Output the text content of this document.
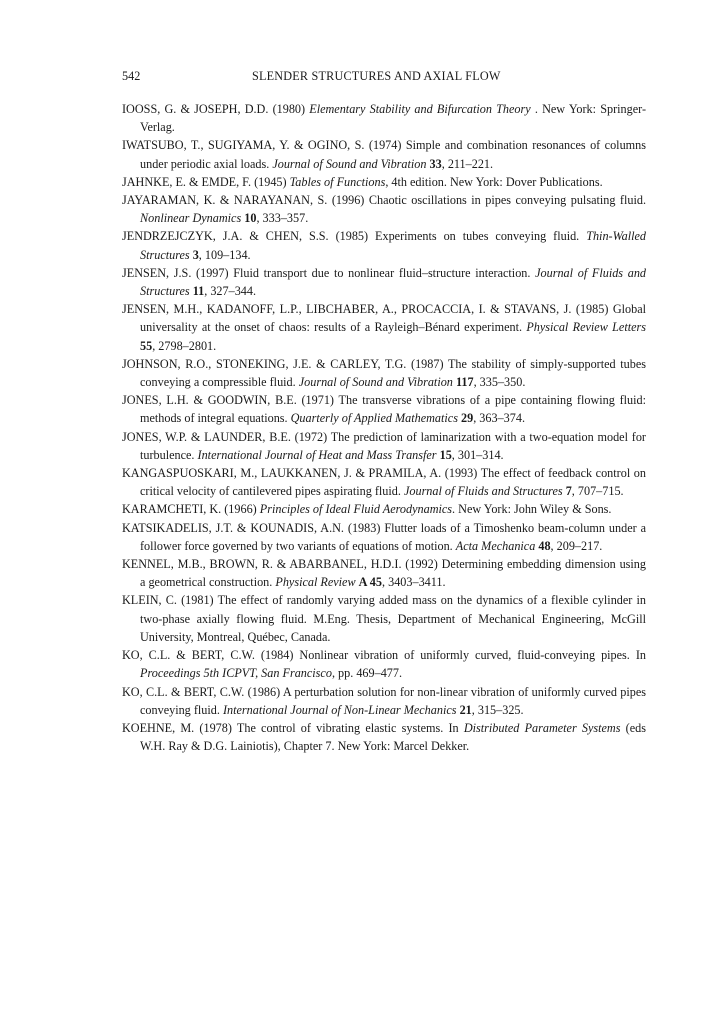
542	SLENDER STRUCTURES AND AXIAL FLOW

IOOSS, G. & JOSEPH, D.D. (1980) Elementary Stability and Bifurcation Theory . New York: Springer-Verlag.

IWATSUBO, T., SUGIYAMA, Y. & OGINO, S. (1974) Simple and combination resonances of columns under periodic axial loads. Journal of Sound and Vibration 33, 211–221.

JAHNKE, E. & EMDE, F. (1945) Tables of Functions, 4th edition. New York: Dover Publications.

JAYARAMAN, K. & NARAYANAN, S. (1996) Chaotic oscillations in pipes conveying pulsating fluid. Nonlinear Dynamics 10, 333–357.

JENDRZEJCZYK, J.A. & CHEN, S.S. (1985) Experiments on tubes conveying fluid. Thin-Walled Structures 3, 109–134.

JENSEN, J.S. (1997) Fluid transport due to nonlinear fluid–structure interaction. Journal of Fluids and Structures 11, 327–344.

JENSEN, M.H., KADANOFF, L.P., LIBCHABER, A., PROCACCIA, I. & STAVANS, J. (1985) Global universality at the onset of chaos: results of a Rayleigh–Bénard experiment. Physical Review Letters 55, 2798–2801.

JOHNSON, R.O., STONEKING, J.E. & CARLEY, T.G. (1987) The stability of simply-supported tubes conveying a compressible fluid. Journal of Sound and Vibration 117, 335–350.

JONES, L.H. & GOODWIN, B.E. (1971) The transverse vibrations of a pipe containing flowing fluid: methods of integral equations. Quarterly of Applied Mathematics 29, 363–374.

JONES, W.P. & LAUNDER, B.E. (1972) The prediction of laminarization with a two-equation model for turbulence. International Journal of Heat and Mass Transfer 15, 301–314.

KANGASPUOSKARI, M., LAUKKANEN, J. & PRAMILA, A. (1993) The effect of feedback control on critical velocity of cantilevered pipes aspirating fluid. Journal of Fluids and Structures 7, 707–715.

KARAMCHETI, K. (1966) Principles of Ideal Fluid Aerodynamics. New York: John Wiley & Sons.

KATSIKADELIS, J.T. & KOUNADIS, A.N. (1983) Flutter loads of a Timoshenko beam-column under a follower force governed by two variants of equations of motion. Acta Mechanica 48, 209–217.

KENNEL, M.B., BROWN, R. & ABARBANEL, H.D.I. (1992) Determining embedding dimension using a geometrical construction. Physical Review A 45, 3403–3411.

KLEIN, C. (1981) The effect of randomly varying added mass on the dynamics of a flexible cylinder in two-phase axially flowing fluid. M.Eng. Thesis, Department of Mechanical Engineering, McGill University, Montreal, Québec, Canada.

KO, C.L. & BERT, C.W. (1984) Nonlinear vibration of uniformly curved, fluid-conveying pipes. In Proceedings 5th ICPVT, San Francisco, pp. 469–477.

KO, C.L. & BERT, C.W. (1986) A perturbation solution for non-linear vibration of uniformly curved pipes conveying fluid. International Journal of Non-Linear Mechanics 21, 315–325.

KOEHNE, M. (1978) The control of vibrating elastic systems. In Distributed Parameter Systems (eds W.H. Ray & D.G. Lainiotis), Chapter 7. New York: Marcel Dekker.
